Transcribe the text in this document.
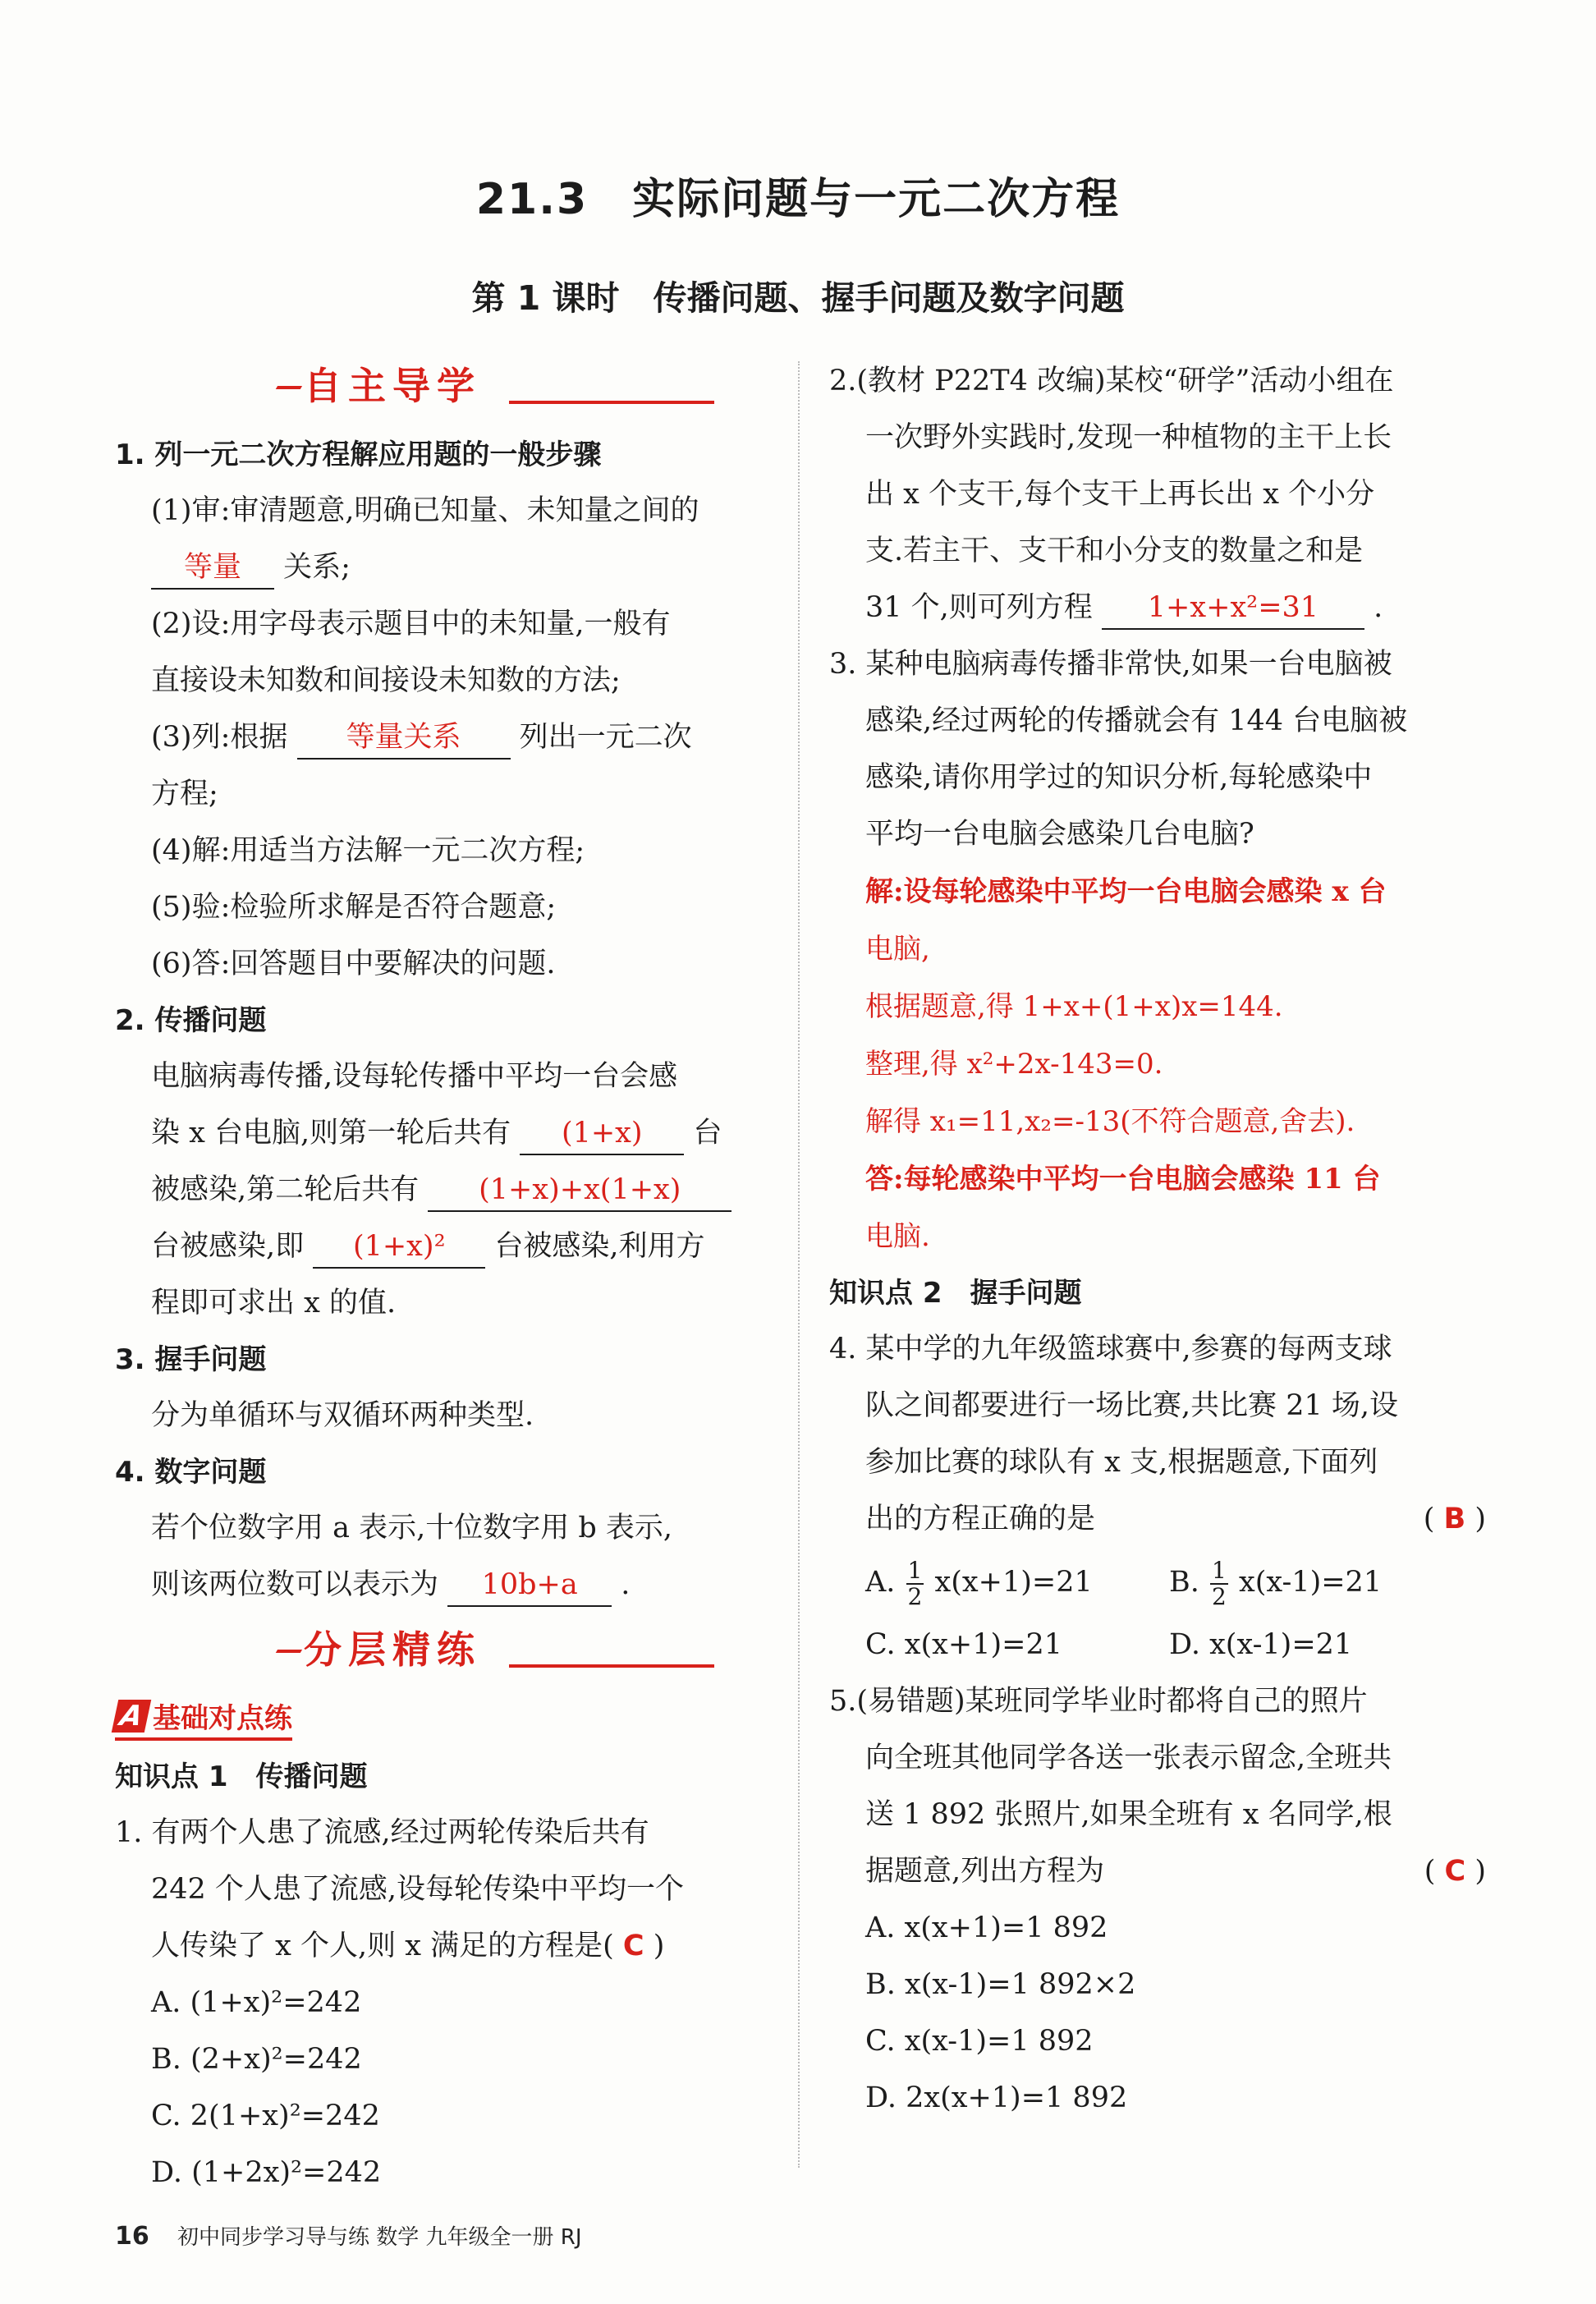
21.3　实际问题与一元二次方程
第 1 课时　传播问题、握手问题及数字问题
自主导学
1. 列一元二次方程解应用题的一般步骤
(1)审:审清题意,明确已知量、未知量之间的
等量 关系;
(2)设:用字母表示题目中的未知量,一般有
直接设未知数和间接设未知数的方法;
(3)列:根据 等量关系 列出一元二次
方程;
(4)解:用适当方法解一元二次方程;
(5)验:检验所求解是否符合题意;
(6)答:回答题目中要解决的问题.
2. 传播问题
电脑病毒传播,设每轮传播中平均一台会感
染 x 台电脑,则第一轮后共有 (1+x) 台
被感染,第二轮后共有 (1+x)+x(1+x)
台被感染,即 (1+x)² 台被感染,利用方
程即可求出 x 的值.
3. 握手问题
分为单循环与双循环两种类型.
4. 数字问题
若个位数字用 a 表示,十位数字用 b 表示,
则该两位数可以表示为 10b+a .
分层精练
A 基础对点练
知识点 1　传播问题
1. 有两个人患了流感,经过两轮传染后共有
242 个人患了流感,设每轮传染中平均一个
人传染了 x 个人,则 x 满足的方程是( C )
A. (1+x)²=242
B. (2+x)²=242
C. 2(1+x)²=242
D. (1+2x)²=242
2.(教材 P22T4 改编)某校“研学”活动小组在
一次野外实践时,发现一种植物的主干上长
出 x 个支干,每个支干上再长出 x 个小分
支.若主干、支干和小分支的数量之和是
31 个,则可列方程 1+x+x²=31 .
3. 某种电脑病毒传播非常快,如果一台电脑被
感染,经过两轮的传播就会有 144 台电脑被
感染,请你用学过的知识分析,每轮感染中
平均一台电脑会感染几台电脑?
解:设每轮感染中平均一台电脑会感染 x 台
电脑,
根据题意,得 1+x+(1+x)x=144.
整理,得 x²+2x-143=0.
解得 x₁=11,x₂=-13(不符合题意,舍去).
答:每轮感染中平均一台电脑会感染 11 台
电脑.
知识点 2　握手问题
4. 某中学的九年级篮球赛中,参赛的每两支球
队之间都要进行一场比赛,共比赛 21 场,设
参加比赛的球队有 x 支,根据题意,下面列
出的方程正确的是	( B )
A. $\frac{1}{2} x(x+1)=21$	B. $\frac{1}{2} x(x-1)=21$
C. x(x+1)=21	D. x(x-1)=21
5.(易错题)某班同学毕业时都将自己的照片
向全班其他同学各送一张表示留念,全班共
送 1 892 张照片,如果全班有 x 名同学,根
据题意,列出方程为	( C )
A. x(x+1)=1 892
B. x(x-1)=1 892×2
C. x(x-1)=1 892
D. 2x(x+1)=1 892
16 初中同步学习导与练 数学 九年级全一册 RJ
